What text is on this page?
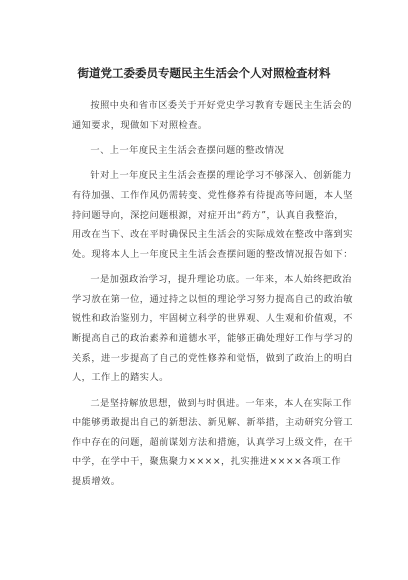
街道党工委委员专题民主生活会个人对照检查材料

按照中央和省市区委关于开好党史学习教育专题民主生活会的
通知要求，现做如下对照检查。

一、上一年度民主生活会查摆问题的整改情况

针对上一年度民主生活会查摆的理论学习不够深入、创新能力
有待加强、工作作风仍需转变、党性修养有待提高等问题，本人坚
持问题导向，深挖问题根源，对症开出“药方”，认真自我整治，
用改在当下、改在平时确保民主生活会的实际成效在整改中落到实
处。现将本人上一年度民主生活会查摆问题的整改情况报告如下：

一是加强政治学习，提升理论功底。一年来，本人始终把政治
学习放在第一位，通过持之以恒的理论学习努力提高自己的政治敏
锐性和政治鉴别力，牢固树立科学的世界观、人生观和价值观，不
断提高自己的政治素养和道德水平，能够正确处理好工作与学习的
关系，进一步提高了自己的党性修养和觉悟，做到了政治上的明白
人，工作上的踏实人。

二是坚持解放思想，做到与时俱进。一年来，本人在实际工作
中能够勇敢提出自己的新想法、新见解、新举措，主动研究分管工
作中存在的问题，超前谋划方法和措施，认真学习上级文件，在干
中学，在学中干，聚焦聚力××××，扎实推进××××各项工作
提质增效。
